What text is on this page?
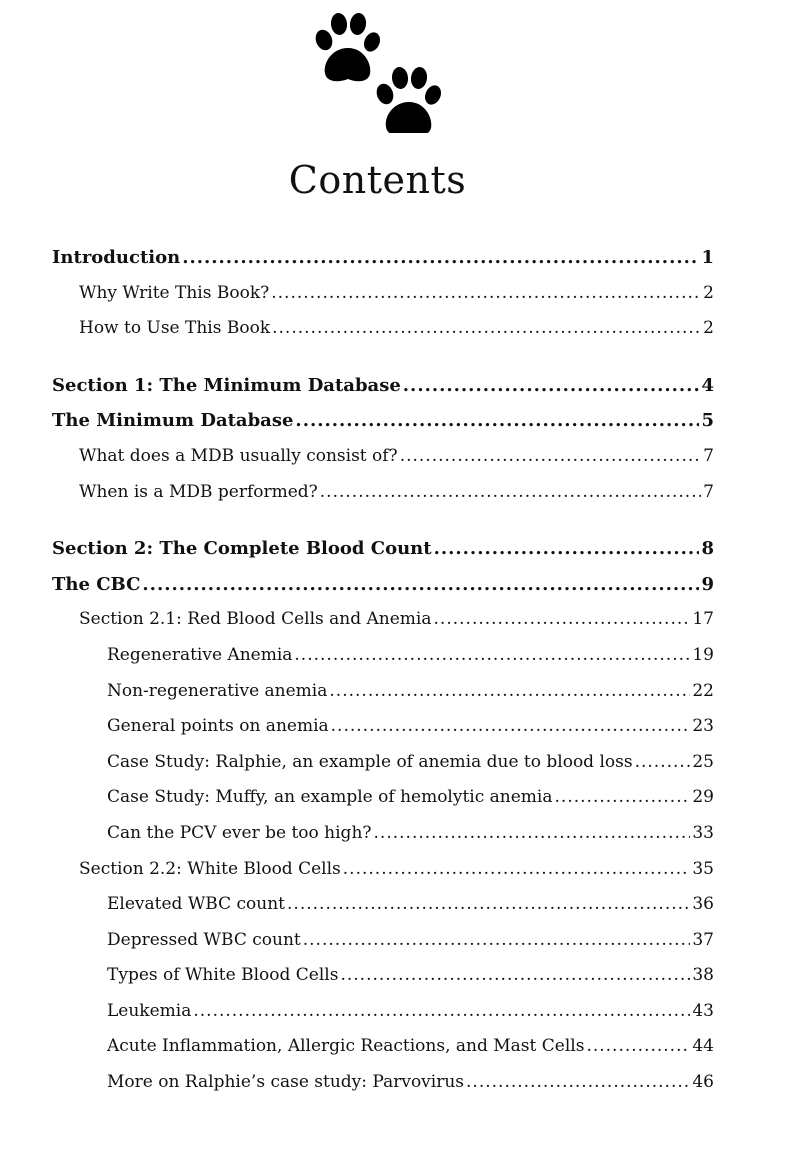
Contents
Introduction .....	1
Why Write This Book? .....	2
How to Use This Book .....	2
Section 1: The Minimum Database .....	4
The Minimum Database .....	5
What does a MDB usually consist of? .....	7
When is a MDB performed? .....	7
Section 2: The Complete Blood Count .....	8
The CBC .....	9
Section 2.1: Red Blood Cells and Anemia .....	17
Regenerative Anemia .....	19
Non-regenerative anemia .....	22
General points on anemia .....	23
Case Study: Ralphie, an example of anemia due to blood loss .....	25
Case Study: Muffy, an example of hemolytic anemia .....	29
Can the PCV ever be too high? .....	33
Section 2.2: White Blood Cells .....	35
Elevated WBC count .....	36
Depressed WBC count .....	37
Types of White Blood Cells .....	38
Leukemia .....	43
Acute Inflammation, Allergic Reactions, and Mast Cells .....	44
More on Ralphie’s case study: Parvovirus .....	46
